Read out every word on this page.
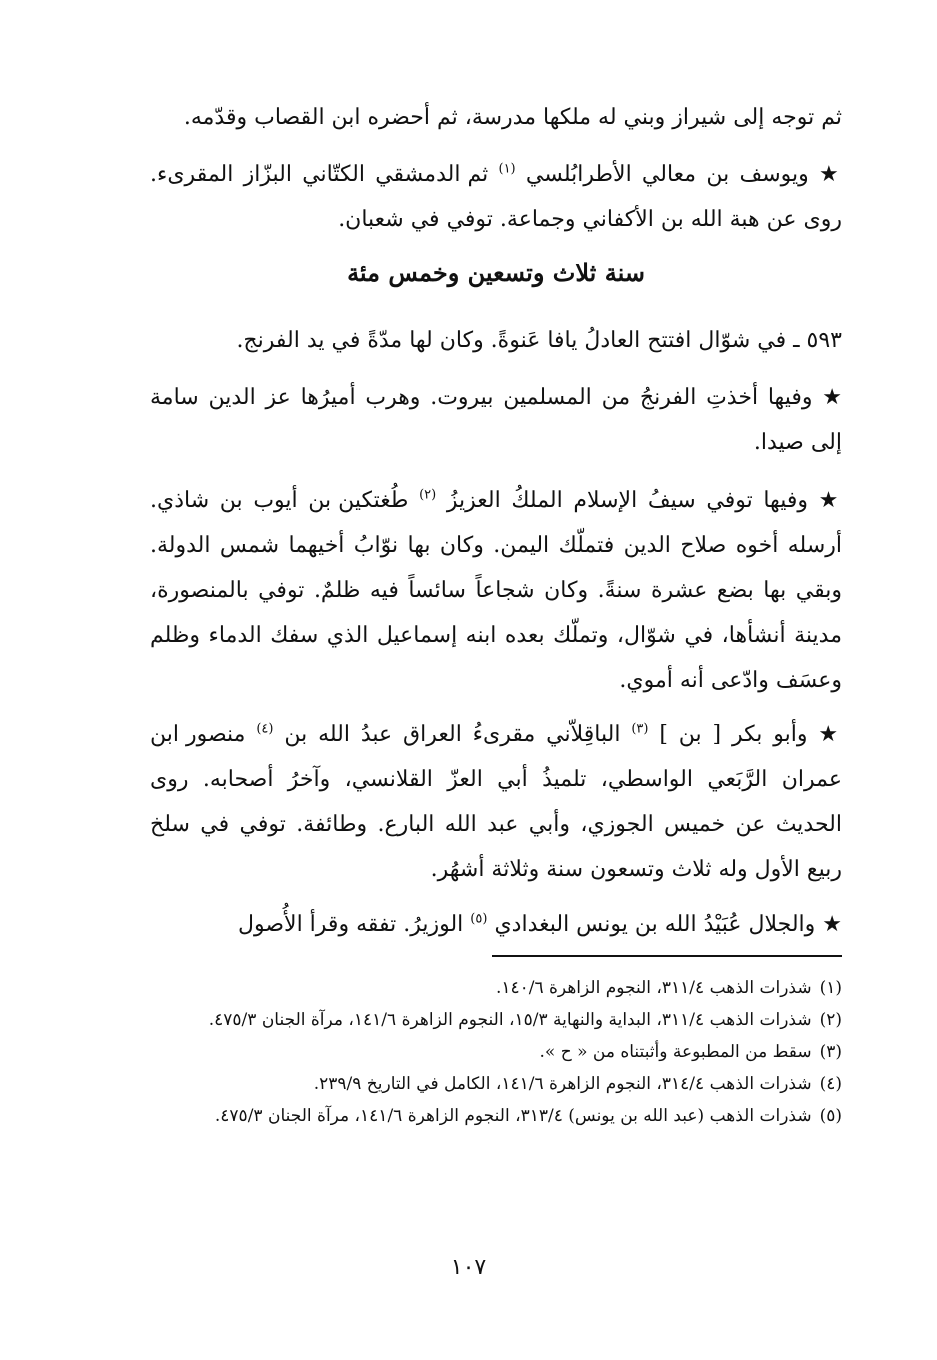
ثم توجه إلى شيراز وبني له ملكها مدرسة، ثم أحضره ابن القصاب وقدّمه.

★ ويوسف بن معالي الأطرابُلسي $^{(١)}$ ثم الدمشقي الكتّاني البزّاز المقرىء. روى عن هبة الله بن الأكفاني وجماعة. توفي في شعبان.

سنة ثلاث وتسعين وخمس مئة

٥٩٣ ـ في شوّال افتتح العادلُ يافا عَنوةً. وكان لها مدّةً في يد الفرنج.

★ وفيها أخذتِ الفرنجُ من المسلمين بيروت. وهرب أميرُها عز الدين سامة إلى صيدا.

★ وفيها توفي سيفُ الإسلام الملكُ العزيزُ $^{(٢)}$ طُغتكين بن أيوب بن شاذي. أرسله أخوه صلاح الدين فتملّك اليمن. وكان بها نوّابُ أخيهما شمس الدولة. وبقي بها بضع عشرة سنةً. وكان شجاعاً سائساً فيه ظلمٌ. توفي بالمنصورة، مدينة أنشأها، في شوّال، وتملّك بعده ابنه إسماعيل الذي سفك الدماء وظلم وعسَف وادّعى أنه أموي.

★ وأبو بكر [ بن ] $^{(٣)}$ الباقِلاّني مقرىءُ العراق عبدُ الله بن $^{(٤)}$ منصور ابن عمران الرَّبَعي الواسطي، تلميذُ أبي العزّ القلانسي، وآخرُ أصحابه. روى الحديث عن خميس الجوزي، وأبي عبد الله البارع. وطائفة. توفي في سلخ ربيع الأول وله ثلاث وتسعون سنة وثلاثة أشهُر.

★ والجلال عُبَيْدُ الله بن يونس البغدادي $^{(٥)}$ الوزيرُ. تفقه وقرأ الأُصول

(١)شذرات الذهب ٣١١/٤، النجوم الزاهرة ١٤٠/٦.

(٢)شذرات الذهب ٣١١/٤، البداية والنهاية ١٥/٣، النجوم الزاهرة ١٤١/٦، مرآة الجنان ٤٧٥/٣.

(٣)سقط من المطبوعة وأثبتناه من « ح ».

(٤)شذرات الذهب ٣١٤/٤، النجوم الزاهرة ١٤١/٦، الكامل في التاريخ ٢٣٩/٩.

(٥)شذرات الذهب (عبد الله بن يونس) ٣١٣/٤، النجوم الزاهرة ١٤١/٦، مرآة الجنان ٤٧٥/٣.

١٠٧
